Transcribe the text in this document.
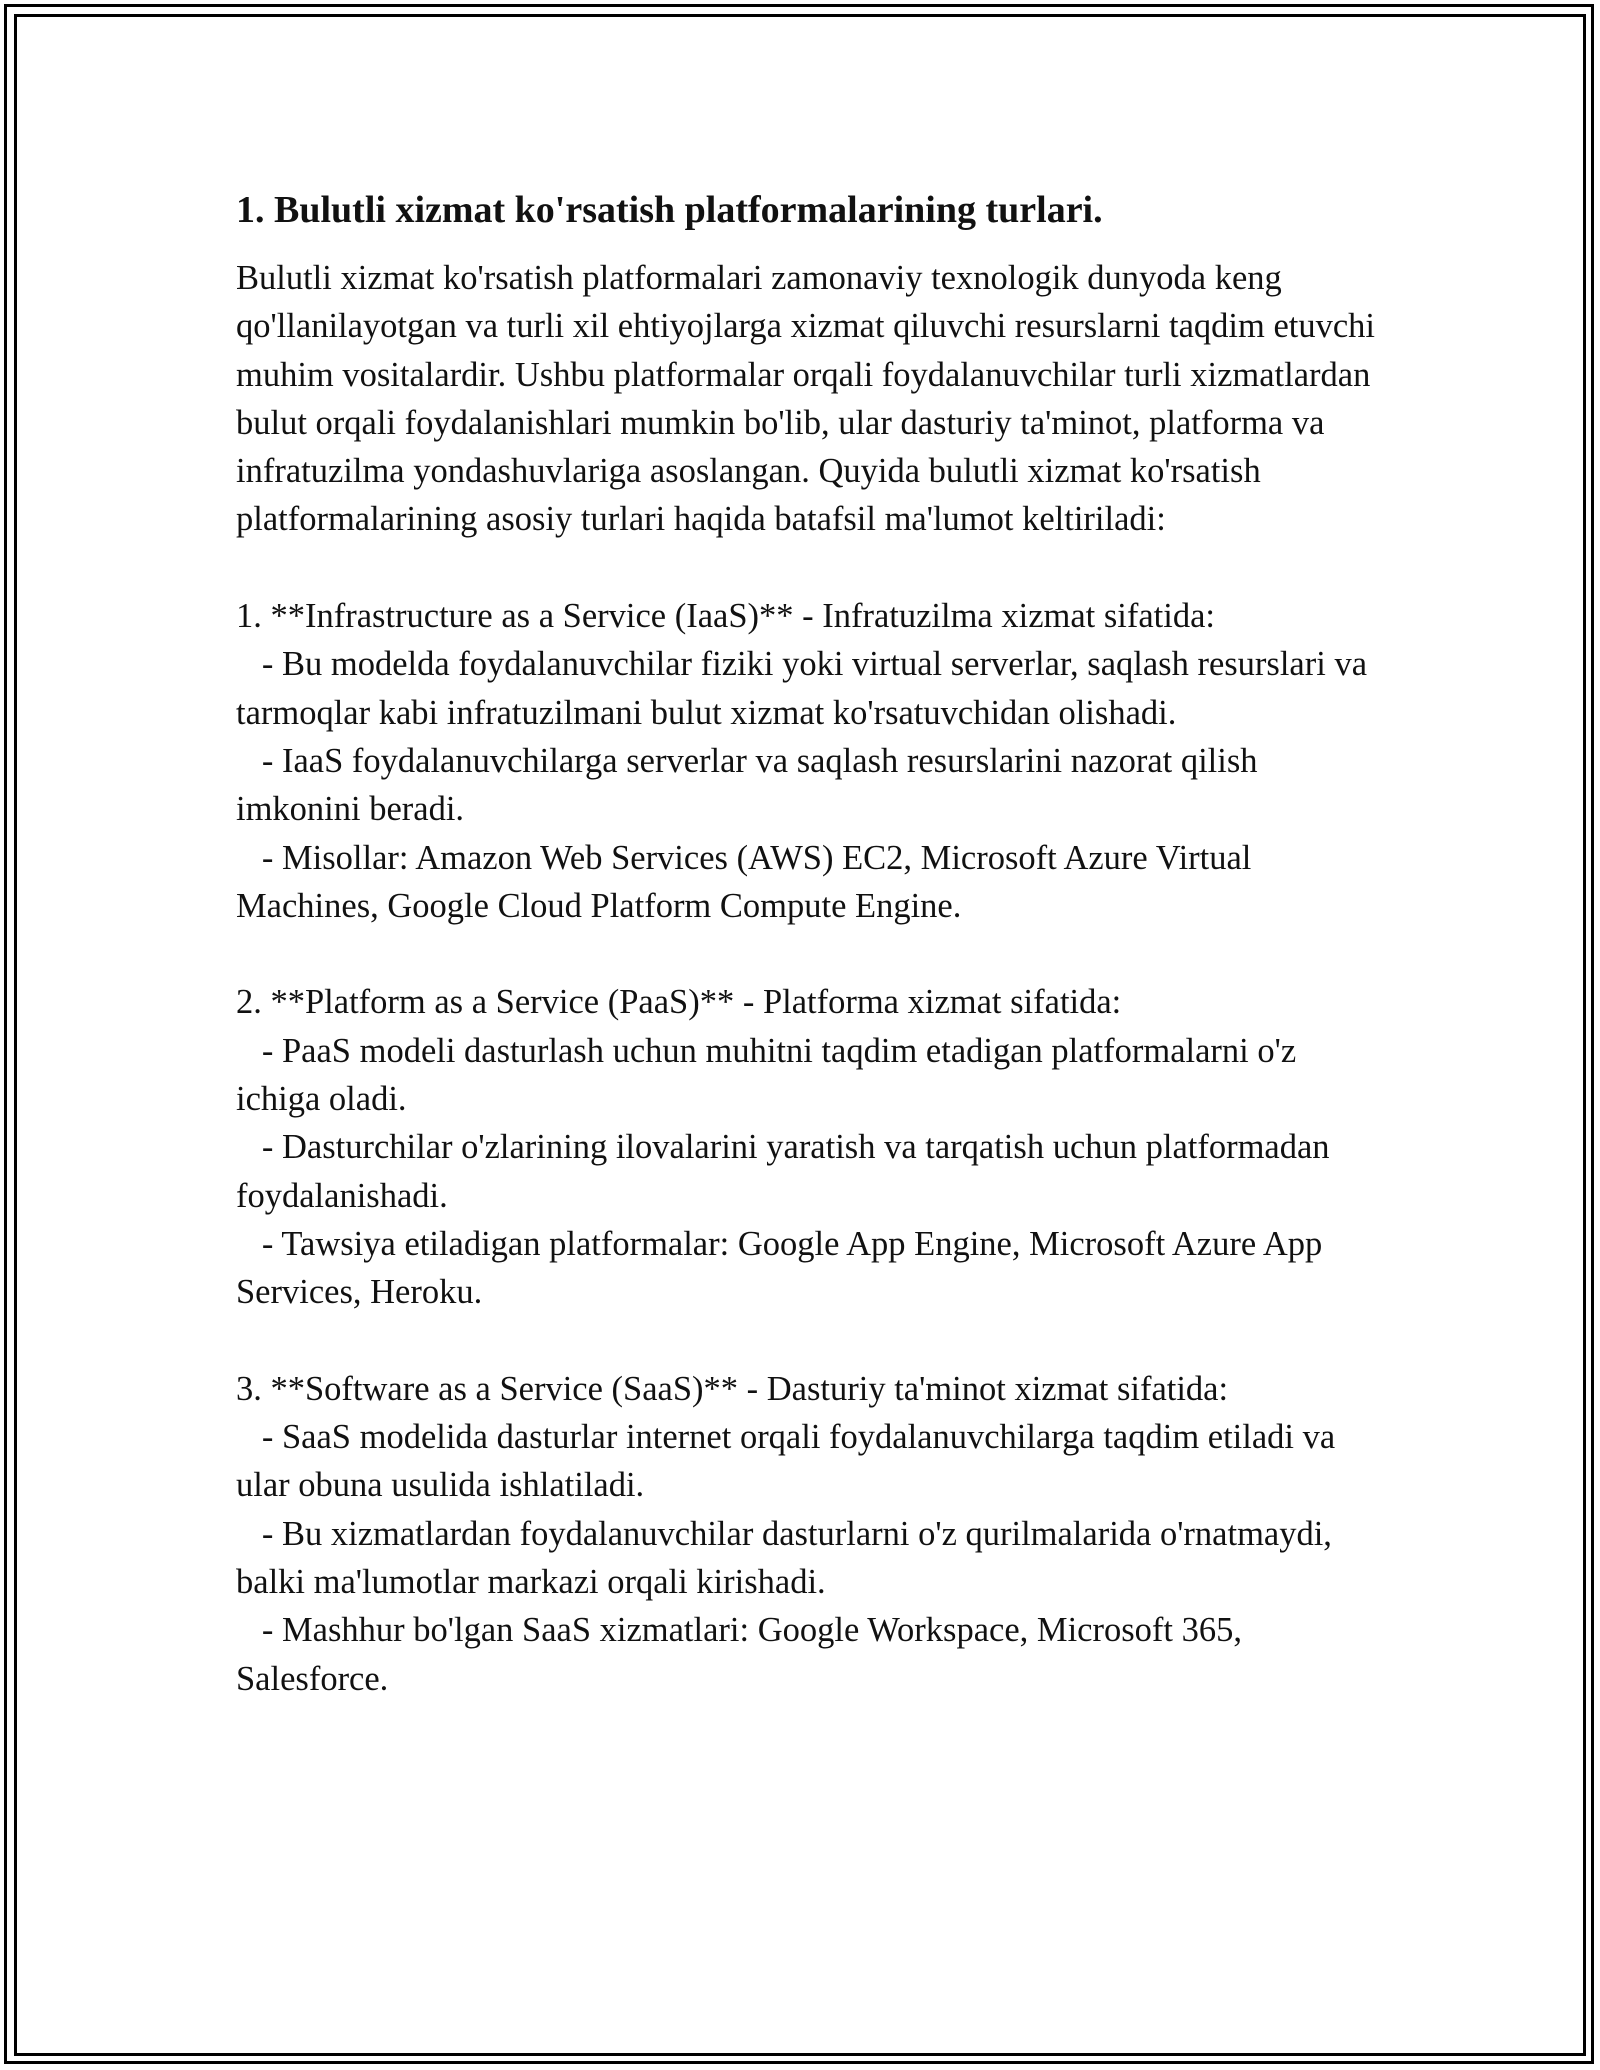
1. Bulutli xizmat ko'rsatish platformalarining turlari.

Bulutli xizmat ko'rsatish platformalari zamonaviy texnologik dunyoda keng qo'llanilayotgan va turli xil ehtiyojlarga xizmat qiluvchi resurslarni taqdim etuvchi muhim vositalardir. Ushbu platformalar orqali foydalanuvchilar turli xizmatlardan bulut orqali foydalanishlari mumkin bo'lib, ular dasturiy ta'minot, platforma va infratuzilma yondashuvlariga asoslangan. Quyida bulutli xizmat ko'rsatish platformalarining asosiy turlari haqida batafsil ma'lumot keltiriladi:

1. **Infrastructure as a Service (IaaS)** - Infratuzilma xizmat sifatida:

- Bu modelda foydalanuvchilar fiziki yoki virtual serverlar, saqlash resurslari va tarmoqlar kabi infratuzilmani bulut xizmat ko'rsatuvchidan olishadi.

- IaaS foydalanuvchilarga serverlar va saqlash resurslarini nazorat qilish imkonini beradi.

- Misollar: Amazon Web Services (AWS) EC2, Microsoft Azure Virtual Machines, Google Cloud Platform Compute Engine.

2. **Platform as a Service (PaaS)** - Platforma xizmat sifatida:

- PaaS modeli dasturlash uchun muhitni taqdim etadigan platformalarni o'z ichiga oladi.

- Dasturchilar o'zlarining ilovalarini yaratish va tarqatish uchun platformadan foydalanishadi.

- Tawsiya etiladigan platformalar: Google App Engine, Microsoft Azure App Services, Heroku.

3. **Software as a Service (SaaS)** - Dasturiy ta'minot xizmat sifatida:

- SaaS modelida dasturlar internet orqali foydalanuvchilarga taqdim etiladi va ular obuna usulida ishlatiladi.

- Bu xizmatlardan foydalanuvchilar dasturlarni o'z qurilmalarida o'rnatmaydi, balki ma'lumotlar markazi orqali kirishadi.

- Mashhur bo'lgan SaaS xizmatlari: Google Workspace, Microsoft 365, Salesforce.
